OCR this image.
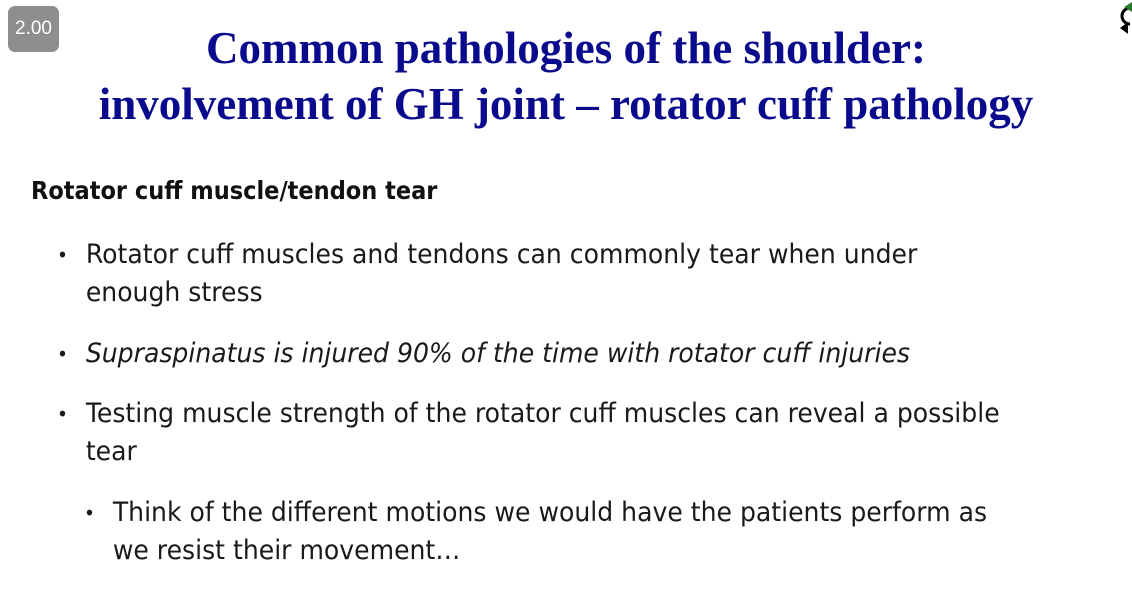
2.00	Common pathologies of the shoulder:
involvement of GH joint – rotator cuff pathology
Rotator cuff muscle/tendon tear
• Rotator cuff muscles and tendons can commonly tear when under
enough stress
• Supraspinatus is injured 90% of the time with rotator cuff injuries
• Testing muscle strength of the rotator cuff muscles can reveal a possible
tear
• Think of the different motions we would have the patients perform as
we resist their movement…
